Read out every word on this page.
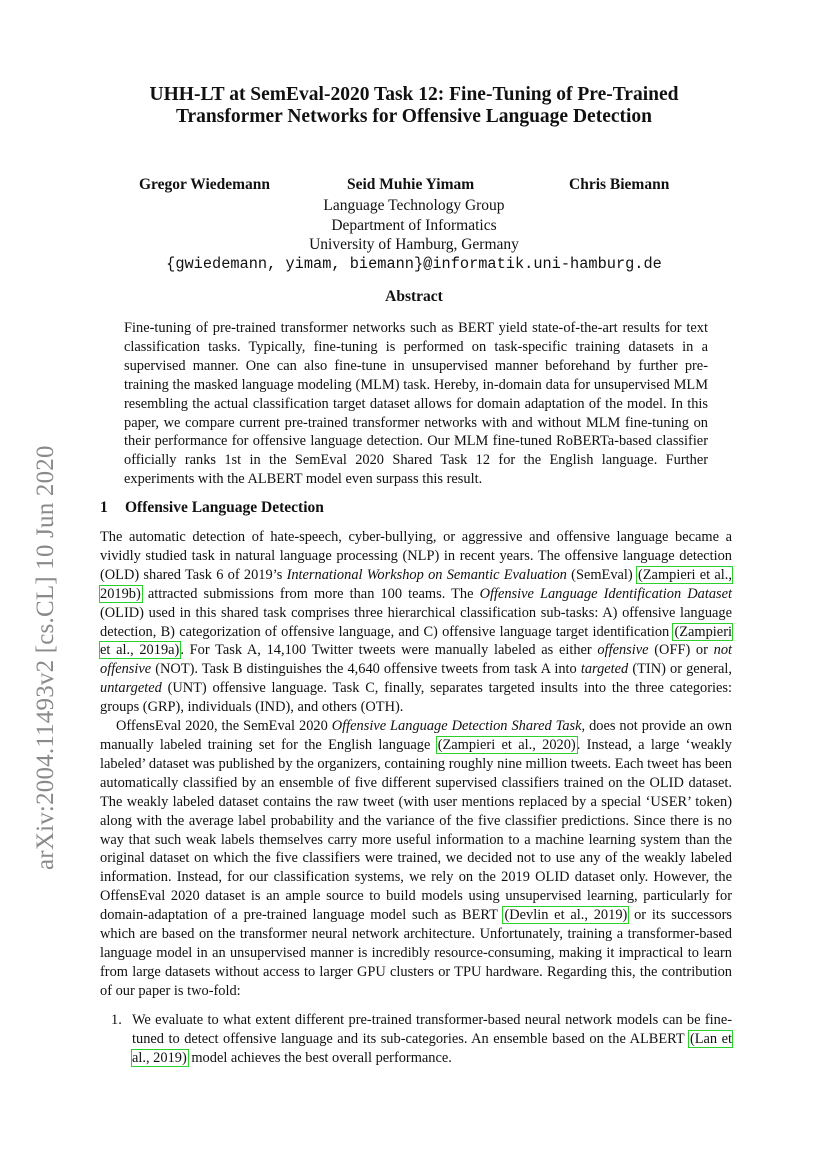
arXiv:2004.11493v2 [cs.CL] 10 Jun 2020
UHH-LT at SemEval-2020 Task 12: Fine-Tuning of Pre-Trained
Transformer Networks for Offensive Language Detection
Gregor Wiedemann	Seid Muhie Yimam	Chris Biemann
Language Technology Group
Department of Informatics
University of Hamburg, Germany
{gwiedemann, yimam, biemann}@informatik.uni-hamburg.de
Abstract
Fine-tuning of pre-trained transformer networks such as BERT yield state-of-the-art results for text classification tasks. Typically, fine-tuning is performed on task-specific training datasets in a supervised manner. One can also fine-tune in unsupervised manner beforehand by further pre-training the masked language modeling (MLM) task. Hereby, in-domain data for unsupervised MLM resembling the actual classification target dataset allows for domain adaptation of the model. In this paper, we compare current pre-trained transformer networks with and without MLM fine-tuning on their performance for offensive language detection. Our MLM fine-tuned RoBERTa-based classifier officially ranks 1st in the SemEval 2020 Shared Task 12 for the English language. Further experiments with the ALBERT model even surpass this result.
1 Offensive Language Detection

The automatic detection of hate-speech, cyber-bullying, or aggressive and offensive language became a vividly studied task in natural language processing (NLP) in recent years. The offensive language detection (OLD) shared Task 6 of 2019’s International Workshop on Semantic Evaluation (SemEval) (Zampieri et al., 2019b) attracted submissions from more than 100 teams. The Offensive Language Identification Dataset (OLID) used in this shared task comprises three hierarchical classification sub-tasks: A) offensive language detection, B) categorization of offensive language, and C) offensive language target identification (Zampieri et al., 2019a). For Task A, 14,100 Twitter tweets were manually labeled as either offensive (OFF) or not offensive (NOT). Task B distinguishes the 4,640 offensive tweets from task A into targeted (TIN) or general, untargeted (UNT) offensive language. Task C, finally, separates targeted insults into the three categories: groups (GRP), individuals (IND), and others (OTH).

OffensEval 2020, the SemEval 2020 Offensive Language Detection Shared Task, does not provide an own manually labeled training set for the English language (Zampieri et al., 2020). Instead, a large ‘weakly labeled’ dataset was published by the organizers, containing roughly nine million tweets. Each tweet has been automatically classified by an ensemble of five different supervised classifiers trained on the OLID dataset. The weakly labeled dataset contains the raw tweet (with user mentions replaced by a special ‘USER’ token) along with the average label probability and the variance of the five classifier predictions. Since there is no way that such weak labels themselves carry more useful information to a machine learning system than the original dataset on which the five classifiers were trained, we decided not to use any of the weakly labeled information. Instead, for our classification systems, we rely on the 2019 OLID dataset only. However, the OffensEval 2020 dataset is an ample source to build models using unsupervised learning, particularly for domain-adaptation of a pre-trained language model such as BERT (Devlin et al., 2019) or its successors which are based on the transformer neural network architecture. Unfortunately, training a transformer-based language model in an unsupervised manner is incredibly resource-consuming, making it impractical to learn from large datasets without access to larger GPU clusters or TPU hardware. Regarding this, the contribution of our paper is two-fold:

1. We evaluate to what extent different pre-trained transformer-based neural network models can be fine-tuned to detect offensive language and its sub-categories. An ensemble based on the ALBERT (Lan et al., 2019) model achieves the best overall performance.
